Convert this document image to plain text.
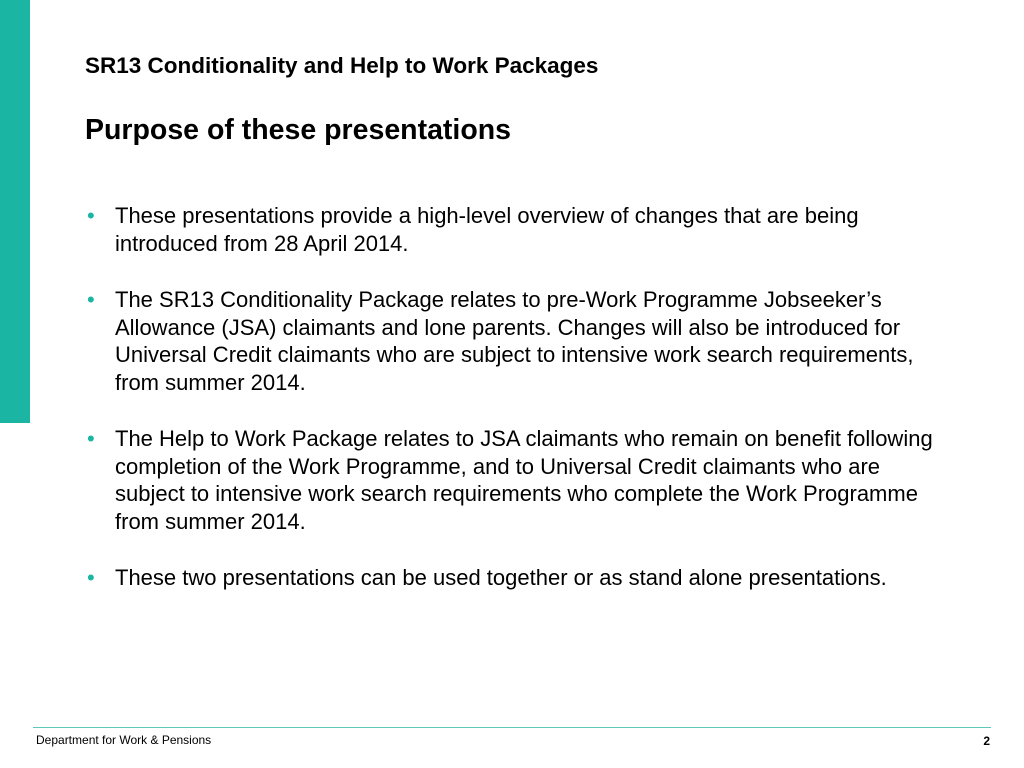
SR13 Conditionality and Help to Work Packages
Purpose of these presentations
• These presentations provide a high-level overview of changes that are being introduced from 28 April 2014.
• The SR13 Conditionality Package relates to pre-Work Programme Jobseeker’s Allowance (JSA) claimants and lone parents. Changes will also be introduced for Universal Credit claimants who are subject to intensive work search requirements, from summer 2014.
• The Help to Work Package relates to JSA claimants who remain on benefit following completion of the Work Programme, and to Universal Credit claimants who are subject to intensive work search requirements who complete the Work Programme from summer 2014.
• These two presentations can be used together or as stand alone presentations.
Department for Work & Pensions	2
